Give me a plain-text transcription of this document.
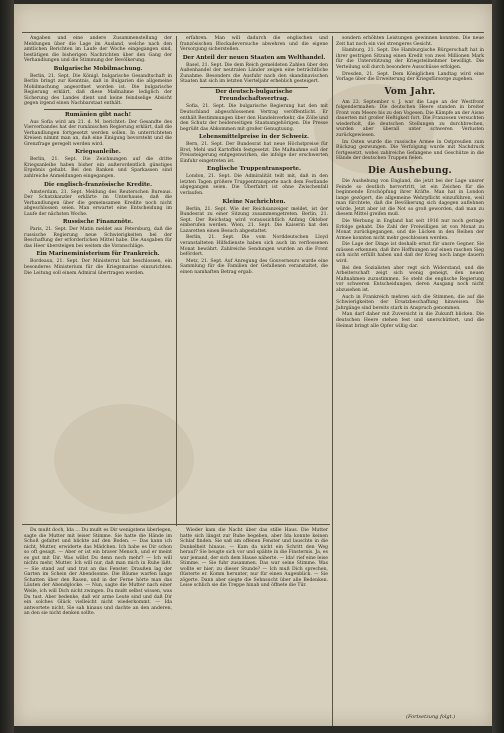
Angaben und eine andere Zusammenstellung der Meldungen über die Lage im Ausland, welche nach den amtlichen Berichten im Laufe der Woche eingegangen sind, bestätigen die bisherigen Nachrichten über den Gang der Verhandlungen und die Stimmung der Bevölkerung.

Bulgarische Mobilmachung.

Berlin, 21. Sept. Die Königl. bulgarische Gesandtschaft in Berlin bringt zur Kenntnis, daß in Bulgarien die allgemeine Mobilmachung angeordnet worden ist. Die bulgarische Regierung erklärt, daß diese Maßnahme lediglich der Sicherung des Landes dient und keine feindselige Absicht gegen irgend einen Nachbarstaat enthält.

Rumänien gibt nach!

Aus Sofia wird am 21. d. M. berichtet: Der Gesandte des Vierverbandes hat der rumänischen Regierung erklärt, daß die Verhandlungen fortgesetzt werden sollen. In unterrichteten Kreisen nimmt man an, daß eine Einigung bevorsteht und die Grenzfrage geregelt werden wird.

Kriegsanleihe.

Berlin, 21. Sept. Die Zeichnungen auf die dritte Kriegsanleihe haben bisher ein außerordentlich günstiges Ergebnis gehabt. Bei den Banken und Sparkassen sind zahlreiche Anmeldungen eingegangen.

Die englisch-französische Kredite.

Amsterdam, 21. Sept. Meldung des Reuterschen Bureaus. Der Schatzkanzler erklärte im Unterhause, daß die Verhandlungen über die gemeinsamen Kredite noch nicht abgeschlossen seien. Man erwartet eine Entscheidung im Laufe der nächsten Woche.

Russische Finanznöte.

Paris, 21. Sept. Der Matin meldet aus Petersburg, daß die russische Regierung neue Schwierigkeiten bei der Beschaffung der erforderlichen Mittel habe. Die Ausgaben für das Heer übersteigen bei weitem die Voranschläge.

Ein Marineministerium für Frankreich.

Bordeaux, 21. Sept. Der Ministerrat hat beschlossen, ein besonderes Ministerium für die Kriegsmarine einzurichten. Die Leitung soll einem Admiral übertragen werden.

erfahren. Man will dadurch die englischen und französischen Blockadeversuche abwehren und die eigene Versorgung sicherstellen.

Der Anteil der neuen Staaten am Welthandel.

Basel, 21. Sept. Die dem Reich gemeldeten Zahlen über den Außenhandel der neutralen Länder zeigen eine beträchtliche Zunahme. Besonders die Ausfuhr nach den skandinavischen Staaten hat sich im letzten Vierteljahr erheblich gesteigert.

Der deutsch-bulgarische Freundschaftsvertrag.

Sofia, 21. Sept. Die bulgarische Regierung hat den mit Deutschland abgeschlossenen Vertrag veröffentlicht. Er enthält Bestimmungen über den Handelsverkehr, die Zölle und den Schutz der beiderseitigen Staatsangehörigen. Die Presse begrüßt das Abkommen mit großer Genugtuung.

Lebensmittelpreise in der Schweiz.

Bern, 21. Sept. Der Bundesrat hat neue Höchstpreise für Brot, Mehl und Kartoffeln festgesetzt. Die Maßnahme soll der Preissteigerung entgegenwirken, die infolge der erschwerten Einfuhr eingetreten ist.

Englische Truppentransporte.

London, 21. Sept. Die Admiralität teilt mit, daß in den letzten Tagen größere Truppentransporte nach dem Festlande abgegangen seien. Die Überfahrt ist ohne Zwischenfall verlaufen.

Kleine Nachrichten.

Berlin, 21. Sept. Wie der Reichsanzeiger meldet, ist der Bundesrat zu einer Sitzung zusammengetreten. Berlin, 21. Sept. Der Reichstag wird voraussichtlich Anfang Oktober einberufen werden. Wien, 21. Sept. Die Kaiserin hat den Lazaretten einen Besuch abgestattet.

Berlin, 21. Sept. Die vom Norddeutschen Lloyd veranstalteten Hilfsdienste haben sich auch im verflossenen Monat bewährt. Zahlreiche Sendungen wurden an die Front befördert.

Metz, 21. Sept. Auf Anregung des Gouverneurs wurde eine Sammlung für die Familien der Gefallenen veranstaltet, die einen namhaften Betrag ergab.

sondern erhöhten Leistungen gewinnen konnten. Die neue Zeit hat noch ein viel strengeres Gesicht.

Hamburg, 21. Sept. Die Hamburgische Bürgerschaft hat in ihrer gestrigen Sitzung einen Kredit von zwei Millionen Mark für die Unterstützung der Kriegsteilnehmer bewilligt. Die Verteilung soll durch besondere Ausschüsse erfolgen.

Dresden, 21. Sept. Dem Königlichen Landtag wird eine Vorlage über die Erweiterung der Kriegsfürsorge zugehen.

Vom Jahr.

Am 23. September v. J. war die Lage an der Westfront folgendermaßen: Die deutschen Heere standen in breiter Front vom Meere bis zu den Vogesen. Die Kämpfe an der Aisne dauerten mit großer Heftigkeit fort. Die Franzosen versuchten wiederholt, die deutschen Stellungen zu durchbrechen, wurden aber überall unter schweren Verlusten zurückgewiesen.

Im Osten wurde die russische Armee in Ostpreußen zum Rückzug gezwungen. Die Verfolgung wurde mit Nachdruck fortgesetzt, wobei zahlreiche Gefangene und Geschütze in die Hände der deutschen Truppen fielen.

Die Aushebung.

Die Aushebung von England, die jetzt bei der Lage unsrer Feinde so deutlich hervortritt, ist ein Zeichen für die beginnende Erschöpfung ihrer Kräfte. Man hat in London lange gezögert, die allgemeine Wehrpflicht einzuführen, weil man fürchtete, daß die Bevölkerung sich dagegen auflehnen würde. Jetzt aber ist die Not so groß geworden, daß man zu diesem Mittel greifen muß.

Die Werbung in England hat seit 1916 nur noch geringe Erfolge gehabt. Die Zahl der Freiwilligen ist von Monat zu Monat zurückgegangen, und die Lücken in den Reihen der Armee konnten nicht mehr geschlossen werden.

Die Lage der Dinge ist deshalb ernst für unsre Gegner. Sie müssen erkennen, daß ihre Hoffnungen auf einen raschen Sieg sich nicht erfüllt haben und daß der Krieg noch lange dauern wird.

Bei den Sozialisten aber regt sich Widerstand, und die Arbeiterschaft zeigt sich wenig geneigt, den neuen Maßnahmen zuzustimmen. So steht die englische Regierung vor schweren Entscheidungen, deren Ausgang noch nicht abzusehen ist.

Auch in Frankreich mehren sich die Stimmen, die auf die Schwierigkeiten der Ersatzbeschaffung hinweisen. Die Jahrgänge sind bereits stark in Anspruch genommen.

Man darf daher mit Zuversicht in die Zukunft blicken. Die deutschen Heere stehen fest und unerschüttert, und die Heimat bringt alle Opfer willig dar.

Du mußt doch, Ida ... Du mußt es Dir wenigstens überlegen, sagte die Mutter mit leiser Stimme. Sie hatte die Hände im Schoß gefaltet und blickte auf den Boden. — Das kann ich nicht, Mutter, erwiderte das Mädchen. Ich habe es Dir schon so oft gesagt. — Aber er ist ein braver Mensch, und er meint es gut mit Dir. Was willst Du denn noch mehr? — Ich will nichts mehr, Mutter. Ich will nur, daß man mich in Ruhe läßt. — Sie stand auf und trat an das Fenster. Draußen lag der Garten im Schein der Abendsonne. Die Bäume warfen lange Schatten über den Rasen, und in der Ferne hörte man das Läuten der Abendglocke. — Nun, sagte die Mutter nach einer Weile, ich will Dich nicht zwingen. Du mußt selbst wissen, was Du tust. Aber bedenke, daß wir arme Leute sind und daß Dir ein solches Glück vielleicht nicht wiederkommt. — Ida antwortete nicht. Sie sah hinaus und dachte an den anderen, an den sie nicht denken sollte.

Wieder kam die Nacht über das stille Haus. Die Mutter hatte sich längst zur Ruhe begeben, aber Ida konnte keinen Schlaf finden. Sie saß am offenen Fenster und lauschte in die Dunkelheit hinaus. — Kam da nicht ein Schritt den Weg herauf? Sie beugte sich vor und spähte in die Finsternis. Ja, es war jemand, der sich dem Hause näherte. — Ida! rief eine leise Stimme. — Sie fuhr zusammen. Das war seine Stimme. Was wollte er hier, zu dieser Stunde? — Ich muß Dich sprechen, flüsterte er. Komm herunter, nur für einen Augenblick. — Sie zögerte. Dann aber siegte die Sehnsucht über alle Bedenken. Leise schlich sie die Treppe hinab und öffnete die Tür.

(Fortsetzung folgt.)
